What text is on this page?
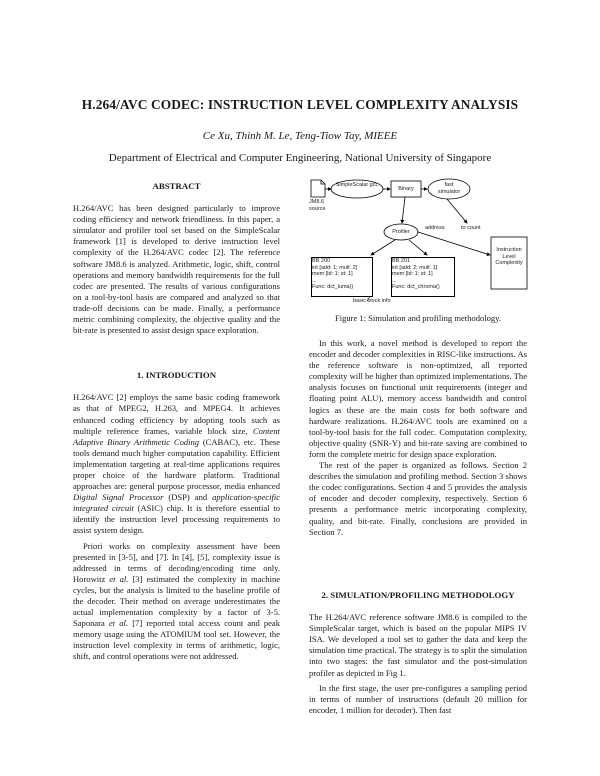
H.264/AVC CODEC: INSTRUCTION LEVEL COMPLEXITY ANALYSIS
Ce Xu, Thinh M. Le, Teng-Tiow Tay, MIEEE
Department of Electrical and Computer Engineering, National University of Singapore
ABSTRACT

H.264/AVC has been designed particularly to improve coding efficiency and network friendliness. In this paper, a simulator and profiler tool set based on the SimpleScalar framework [1] is developed to derive instruction level complexity of the H.264/AVC codec [2]. The reference software JM8.6 is analyzed. Arithmetic, logic, shift, control operations and memory bandwidth requirements for the full codec are presented. The results of various configurations on a tool-by-tool basis are compared and analyzed so that trade-off decisions can be made. Finally, a performance metric combining complexity, the objective quality and the bit-rate is presented to assist design space exploration.

1. INTRODUCTION

H.264/AVC [2] employs the same basic coding framework as that of MPEG2, H.263, and MPEG4. It achieves enhanced coding efficiency by adopting tools such as multiple reference frames, variable block size, Content Adaptive Binary Arithmetic Coding (CABAC), etc. These tools demand much higher computation capability. Efficient implementation targeting at real-time applications requires proper choice of the hardware platform. Traditional approaches are: general purpose processor, media enhanced Digital Signal Processor (DSP) and application-specific integrated circuit (ASIC) chip. It is therefore essential to identify the instruction level processing requirements to assist system design.

Priori works on complexity assessment have been presented in [3-5], and [7]. In [4], [5], complexity issue is addressed in terms of decoding/encoding time only. Horowitz et al. [3] estimated the complexity in machine cycles, but the analysis is limited to the baseline profile of the decoder. Their method on average underestimates the actual implementation complexity by a factor of 3-5. Saponara et al. [7] reported total access count and peak memory usage using the ATOMIUM tool set. However, the instruction level complexity in terms of arithmetic, logic, shift, and control operations were not addressed.

JM8.6 source
SimpleScalar gcc
Binary
fast simulator
Profiler
address	to count
Instruction Level Complexity
BB 200
int [add: 1; mult: 2]
mem [ld: 1; st: 1]
...
Func: dct_luma()
BB 201
int [add: 2; mult: 1]
mem [ld: 1; st: 1]
...
Func: dct_chroma()
basic block info
Figure 1: Simulation and profiling methodology.

In this work, a novel method is developed to report the encoder and decoder complexities in RISC-like instructions. As the reference software is non-optimized, all reported complexity will be higher than optimized implementations. The analysis focuses on functional unit requirements (integer and floating point ALU), memory access bandwidth and control logics as these are the main costs for both software and hardware realizations. H.264/AVC tools are examined on a tool-by-tool basis for the full codec. Computation complexity, objective quality (SNR-Y) and bit-rate saving are combined to form the complete metric for design space exploration.

The rest of the paper is organized as follows. Section 2 describes the simulation and profiling method. Section 3 shows the codec configurations. Section 4 and 5 provides the analysis of encoder and decoder complexity, respectively. Section 6 presents a performance metric incorporating complexity, quality, and bit-rate. Finally, conclusions are provided in Section 7.

2. SIMULATION/PROFILING METHODOLOGY

The H.264/AVC reference software JM8.6 is compiled to the SimpleScalar target, which is based on the popular MIPS IV ISA. We developed a tool set to gather the data and keep the simulation time practical. The strategy is to split the simulation into two stages: the fast simulator and the post-simulation profiler as depicted in Fig 1.

In the first stage, the user pre-configures a sampling period in terms of number of instructions (default 20 million for encoder, 1 million for decoder). Then fast
